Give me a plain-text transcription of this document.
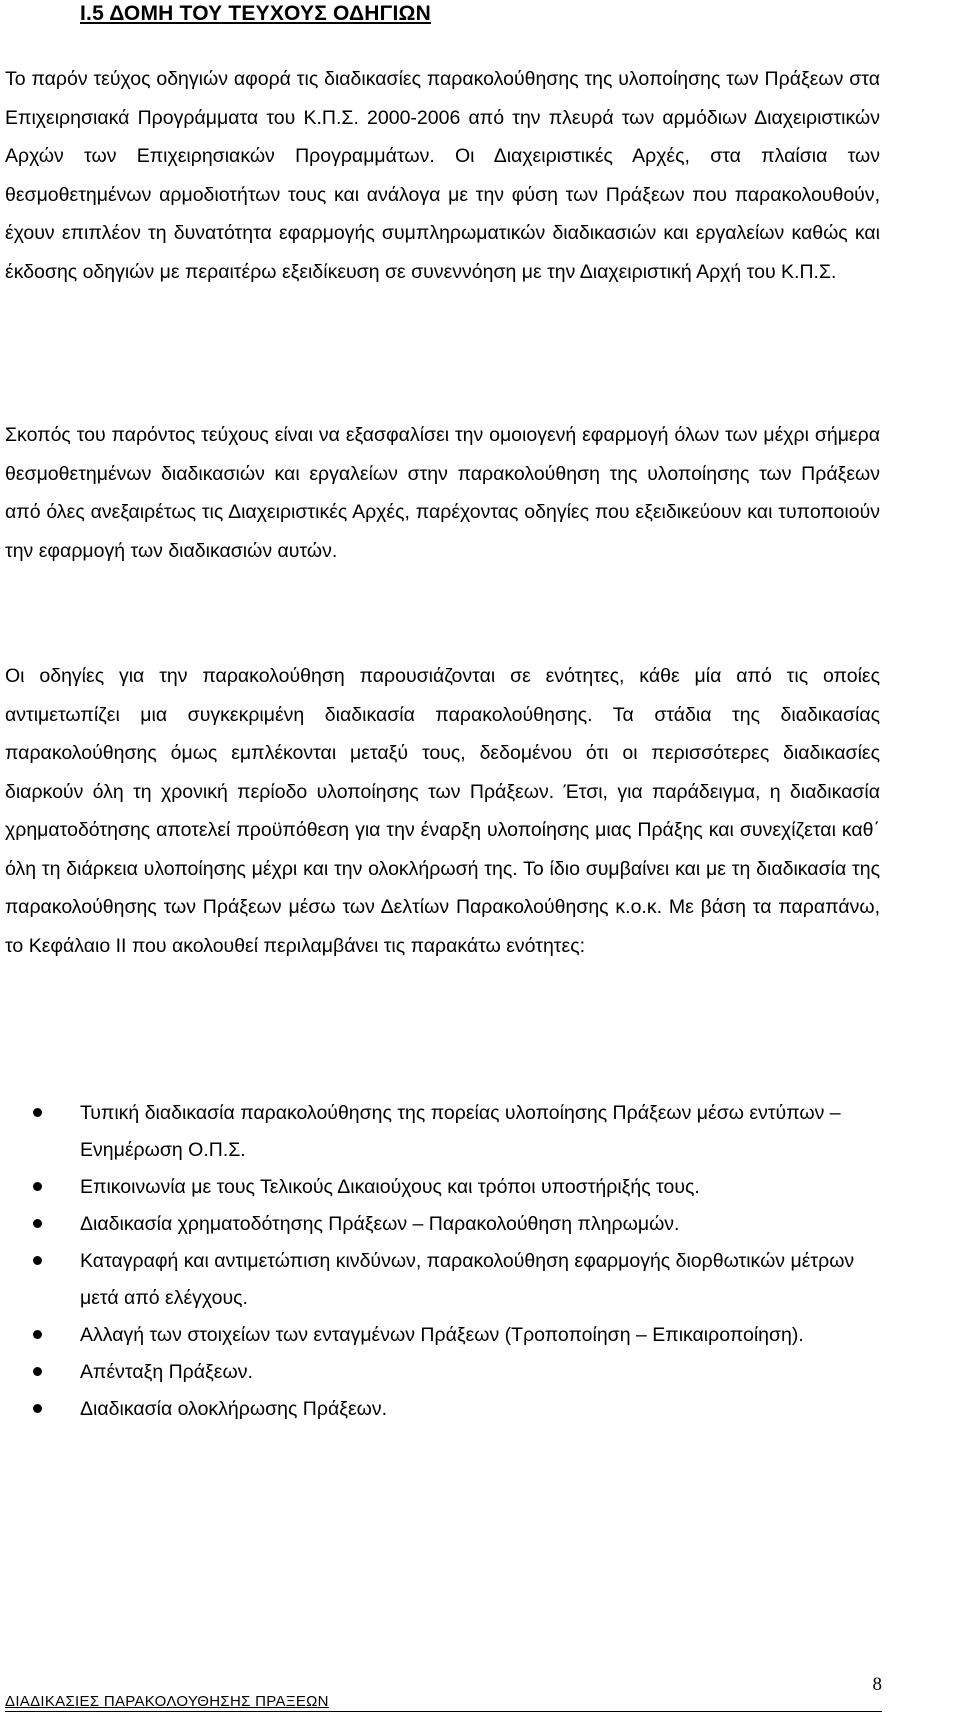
Ι.5 ΔΟΜΗ ΤΟΥ ΤΕΥΧΟΥΣ ΟΔΗΓΙΩΝ

Το παρόν τεύχος οδηγιών αφορά τις διαδικασίες παρακολούθησης της υλοποίησης των Πράξεων στα Επιχειρησιακά Προγράμματα του Κ.Π.Σ. 2000-2006 από την πλευρά των αρμόδιων Διαχειριστικών Αρχών των Επιχειρησιακών Προγραμμάτων. Οι Διαχειριστικές Αρχές, στα πλαίσια των θεσμοθετημένων αρμοδιοτήτων τους και ανάλογα με την φύση των Πράξεων που παρακολουθούν, έχουν επιπλέον τη δυνατότητα εφαρμογής συμπληρωματικών διαδικασιών και εργαλείων καθώς και έκδοσης οδηγιών με περαιτέρω εξειδίκευση σε συνεννόηση με την Διαχειριστική Αρχή του Κ.Π.Σ.

Σκοπός του παρόντος τεύχους είναι να εξασφαλίσει την ομοιογενή εφαρμογή όλων των μέχρι σήμερα θεσμοθετημένων διαδικασιών και εργαλείων στην παρακολούθηση της υλοποίησης των Πράξεων από όλες ανεξαιρέτως τις Διαχειριστικές Αρχές, παρέχοντας οδηγίες που εξειδικεύουν και τυποποιούν την εφαρμογή των διαδικασιών αυτών.

Οι οδηγίες για την παρακολούθηση παρουσιάζονται σε ενότητες, κάθε μία από τις οποίες αντιμετωπίζει μια συγκεκριμένη διαδικασία παρακολούθησης. Τα στάδια της διαδικασίας παρακολούθησης όμως εμπλέκονται μεταξύ τους, δεδομένου ότι οι περισσότερες διαδικασίες διαρκούν όλη τη χρονική περίοδο υλοποίησης των Πράξεων. Έτσι, για παράδειγμα, η διαδικασία χρηματοδότησης αποτελεί προϋπόθεση για την έναρξη υλοποίησης μιας Πράξης και συνεχίζεται καθ΄ όλη τη διάρκεια υλοποίησης μέχρι και την ολοκλήρωσή της. Το ίδιο συμβαίνει και με τη διαδικασία της παρακολούθησης των Πράξεων μέσω των Δελτίων Παρακολούθησης κ.ο.κ. Με βάση τα παραπάνω, το Κεφάλαιο ΙΙ που ακολουθεί περιλαμβάνει τις παρακάτω ενότητες:

Τυπική διαδικασία παρακολούθησης της πορείας υλοποίησης Πράξεων μέσω εντύπων – Ενημέρωση Ο.Π.Σ.
Επικοινωνία με τους Τελικούς Δικαιούχους και τρόποι υποστήριξής τους.
Διαδικασία χρηματοδότησης Πράξεων – Παρακολούθηση πληρωμών.
Καταγραφή και αντιμετώπιση κινδύνων, παρακολούθηση εφαρμογής διορθωτικών μέτρων μετά από ελέγχους.
Αλλαγή των στοιχείων των ενταγμένων Πράξεων (Τροποποίηση – Επικαιροποίηση).
Απένταξη Πράξεων.
Διαδικασία ολοκλήρωσης Πράξεων.
ΔΙΑΔΙΚΑΣΙΕΣ ΠΑΡΑΚΟΛΟΥΘΗΣΗΣ ΠΡΑΞΕΩΝ
8
